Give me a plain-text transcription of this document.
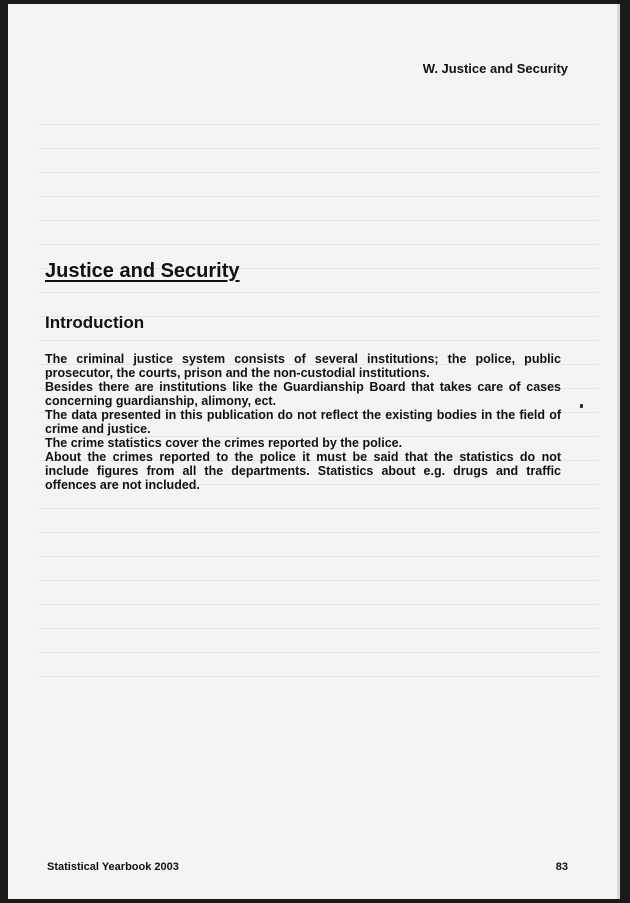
W. Justice and Security
Justice and Security
Introduction

The criminal justice system consists of several institutions; the police, public prosecutor, the courts, prison and the non-custodial institutions.

Besides there are institutions like the Guardianship Board that takes care of cases concerning guardianship, alimony, ect.

The data presented in this publication do not reflect the existing bodies in the field of crime and justice.

The crime statistics cover the crimes reported by the police.

About the crimes reported to the police it must be said that the statistics do not include figures from all the departments. Statistics about e.g. drugs and traffic offences are not included.

Statistical Yearbook 2003	83
